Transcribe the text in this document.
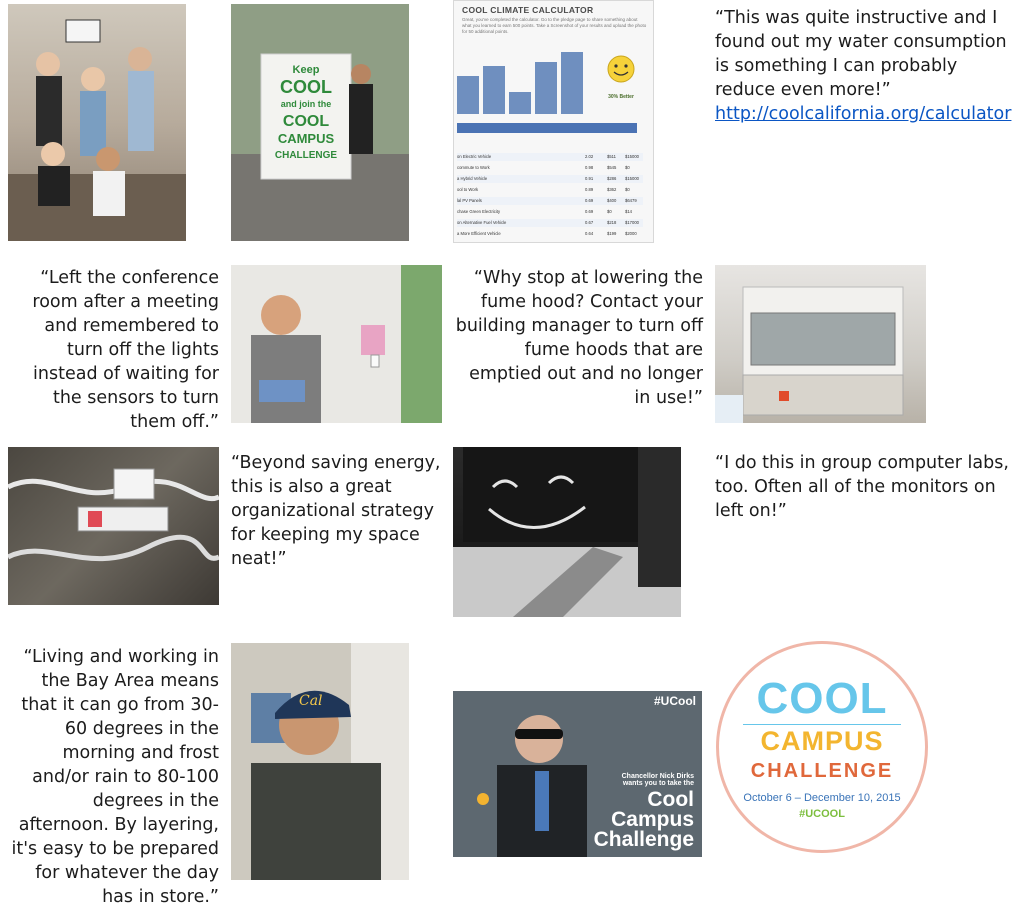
Keep
COOL
and join the
COOL
CAMPUS
CHALLENGE
COOL CLIMATE CALCULATOR
Great, you've completed the calculator. Go to the pledge page to share something about what you learned to earn 500 points. Take a Screenshot of your results and upload the photo for 50 additional points.
30% Better
on Electric Vehicle	2.02	$511 $15000
commute to Work	0.98	$545 $0
a Hybrid Vehicle	0.91	$286 $15000
ool to Work	0.89	$362 $0
lal PV Panels	0.69	$400 $6479
chase Green Electricity	0.69	$0	$14
on Alternative Fuel Vehicle	0.67	$218 $17000
a More Efficient Vehicle	0.64	$199 $2000
“This was quite instructive and I found out my water consumption is something I can probably reduce even more!”
http://coolcalifornia.org/calculator
“Left the conference room after a meeting and remembered to turn off the lights instead of waiting for the sensors to turn them off.”
“Why stop at lowering the fume hood? Contact your building manager to turn off fume hoods that are emptied out and no longer in use!”
“Beyond saving energy, this is also a great organizational strategy for keeping my space neat!”
“I do this in group computer labs, too. Often all of the monitors on left on!”
“Living and working in the Bay Area means that it can go from 30-60 degrees in the morning and frost and/or rain to 80-100 degrees in the afternoon. By layering, it's easy to be prepared for whatever the day has in store.”
Cal	#UCool
Chancellor Nick Dirks wants you to take the
Cool
Campus
Challenge
COOL
CAMPUS
CHALLENGE
October 6 – December 10, 2015
#UCOOL
